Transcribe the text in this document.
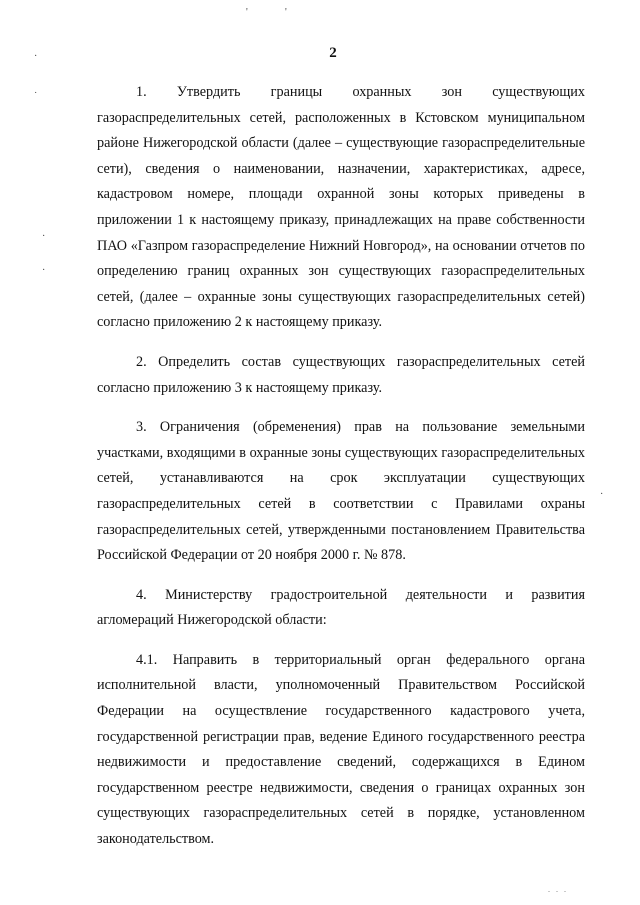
·
˙
·
·
'	'
·
. . .
2

1. Утвердить границы охранных зон существующих газораспределительных сетей, расположенных в Кстовском муниципальном районе Нижегородской области (далее – существующие газораспределительные сети), сведения о наименовании, назначении, характеристиках, адресе, кадастровом номере, площади охранной зоны которых приведены в приложении 1 к настоящему приказу, принадлежащих на праве собственности ПАО «Газпром газораспределение Нижний Новгород», на основании отчетов по определению границ охранных зон существующих газораспределительных сетей, (далее – охранные зоны существующих газораспределительных сетей) согласно приложению 2 к настоящему приказу.

2. Определить состав существующих газораспределительных сетей согласно приложению 3 к настоящему приказу.

3. Ограничения (обременения) прав на пользование земельными участками, входящими в охранные зоны существующих газораспределительных сетей, устанавливаются на срок эксплуатации существующих газораспределительных сетей в соответствии с Правилами охраны газораспределительных сетей, утвержденными постановлением Правительства Российской Федерации от 20 ноября 2000 г. № 878.

4. Министерству градостроительной деятельности и развития агломераций Нижегородской области:

4.1. Направить в территориальный орган федерального органа исполнительной власти, уполномоченный Правительством Российской Федерации на осуществление государственного кадастрового учета, государственной регистрации прав, ведение Единого государственного реестра недвижимости и предоставление сведений, содержащихся в Едином государственном реестре недвижимости, сведения о границах охранных зон существующих газораспределительных сетей в порядке, установленном законодательством.
